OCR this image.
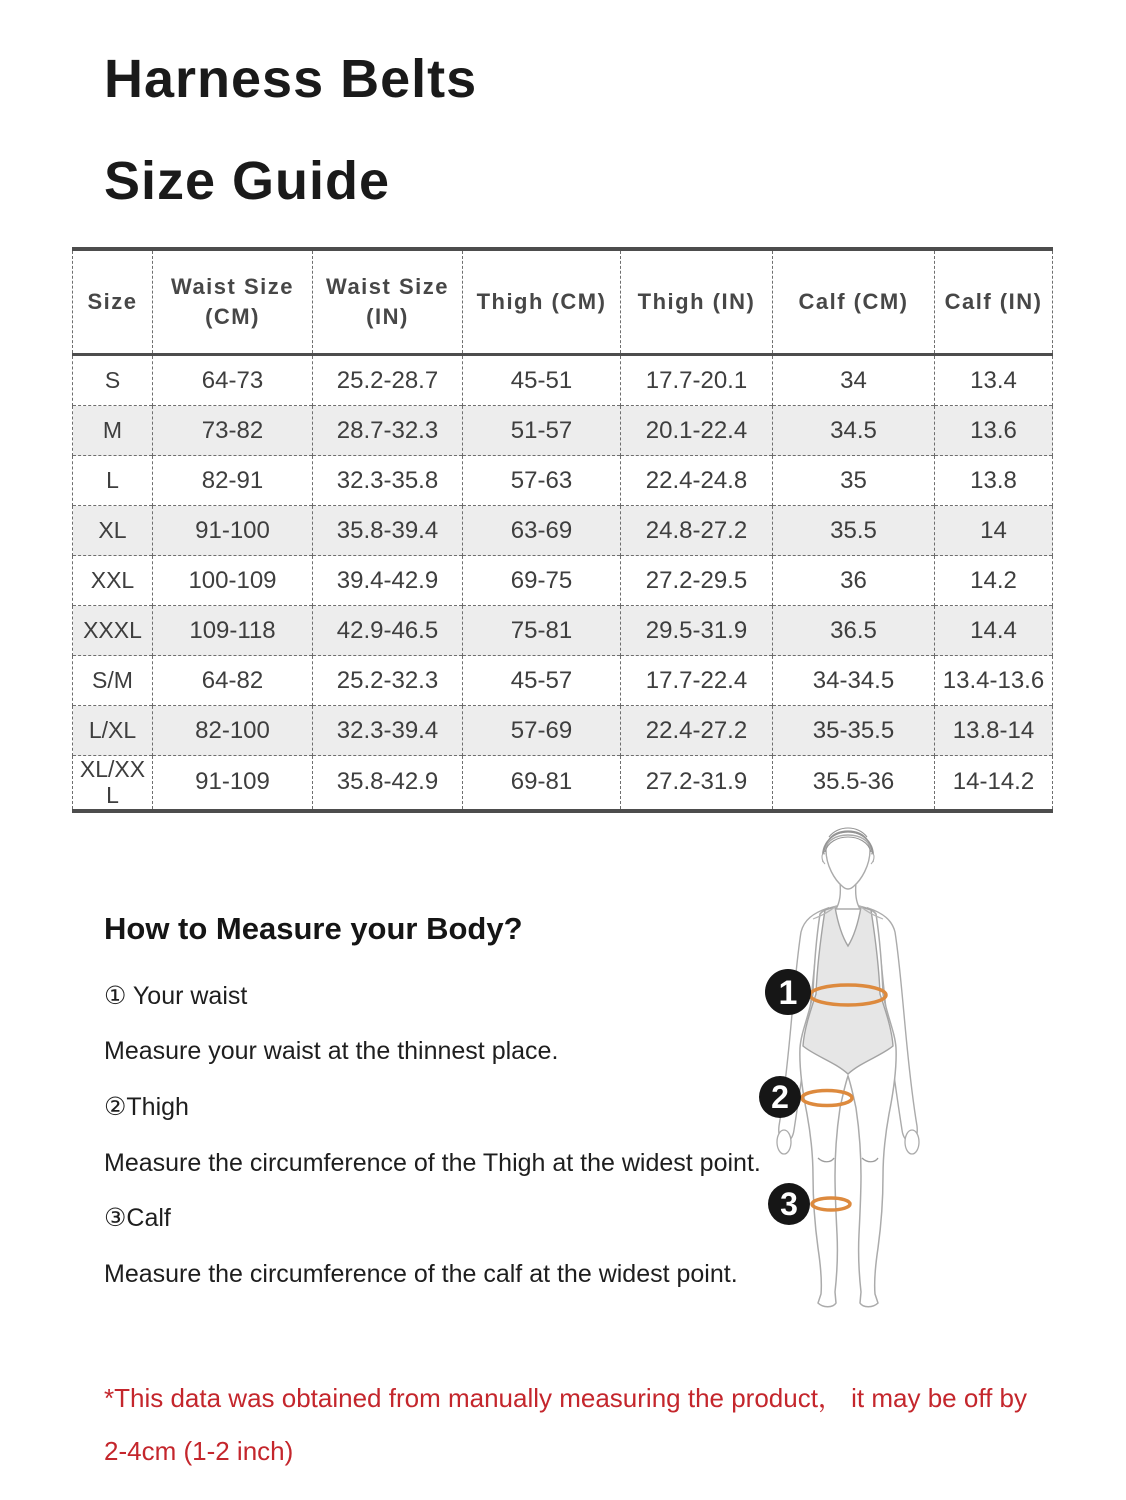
Harness Belts
Size Guide
Size	Waist Size (CM)	Waist Size (IN)	Thigh (CM)	Thigh (IN)	Calf (CM)	Calf (IN)
S	64-73	25.2-28.7	45-51	17.7-20.1	34	13.4
M	73-82	28.7-32.3	51-57	20.1-22.4	34.5	13.6
L	82-91	32.3-35.8	57-63	22.4-24.8	35	13.8
XL	91-100	35.8-39.4	63-69	24.8-27.2	35.5	14
XXL	100-109	39.4-42.9	69-75	27.2-29.5	36	14.2
XXXL	109-118	42.9-46.5	75-81	29.5-31.9	36.5	14.4
S/M	64-82	25.2-32.3	45-57	17.7-22.4	34-34.5	13.4-13.6
L/XL	82-100	32.3-39.4	57-69	22.4-27.2	35-35.5	13.8-14
XL/XXL	91-109	35.8-42.9	69-81	27.2-31.9	35.5-36	14-14.2
How to Measure your Body?
① Your waist
Measure your waist at the thinnest place.
②Thigh
Measure the circumference of the Thigh at the widest point.
③Calf
Measure the circumference of the calf at the widest point.
1
2
3
*This data was obtained from manually measuring the product， it may be off by
2-4cm (1-2 inch)
